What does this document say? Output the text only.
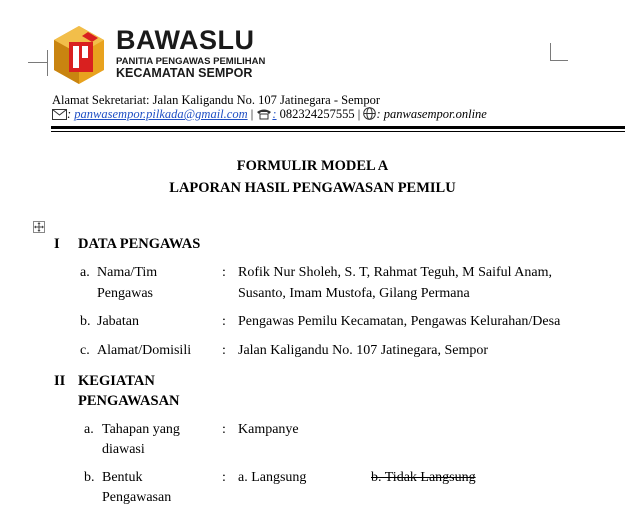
BAWASLU
PANITIA PENGAWAS PEMILIHAN
KECAMATAN SEMPOR
Alamat Sekretariat: Jalan Kaligandu No. 107 Jatinegara - Sempor
: panwasempor.pilkada@gmail.com | : 082324257555 | : panwasempor.online
FORMULIR MODEL A
LAPORAN HASIL PENGAWASAN PEMILU
I DATA PENGAWAS
a. Nama/Tim
Pengawas
: Rofik Nur Sholeh, S. T, Rahmat Teguh, M Saiful Anam,
Susanto, Imam Mustofa, Gilang Permana
b. Jabatan	: Pengawas Pemilu Kecamatan, Pengawas Kelurahan/Desa
c. Alamat/Domisili : Jalan Kaligandu No. 107 Jatinegara, Sempor
II KEGIATAN
PENGAWASAN
a. Tahapan yang
diawasi
: Kampanye
b. Bentuk
Pengawasan
: a. Langsung	b. Tidak Langsung
